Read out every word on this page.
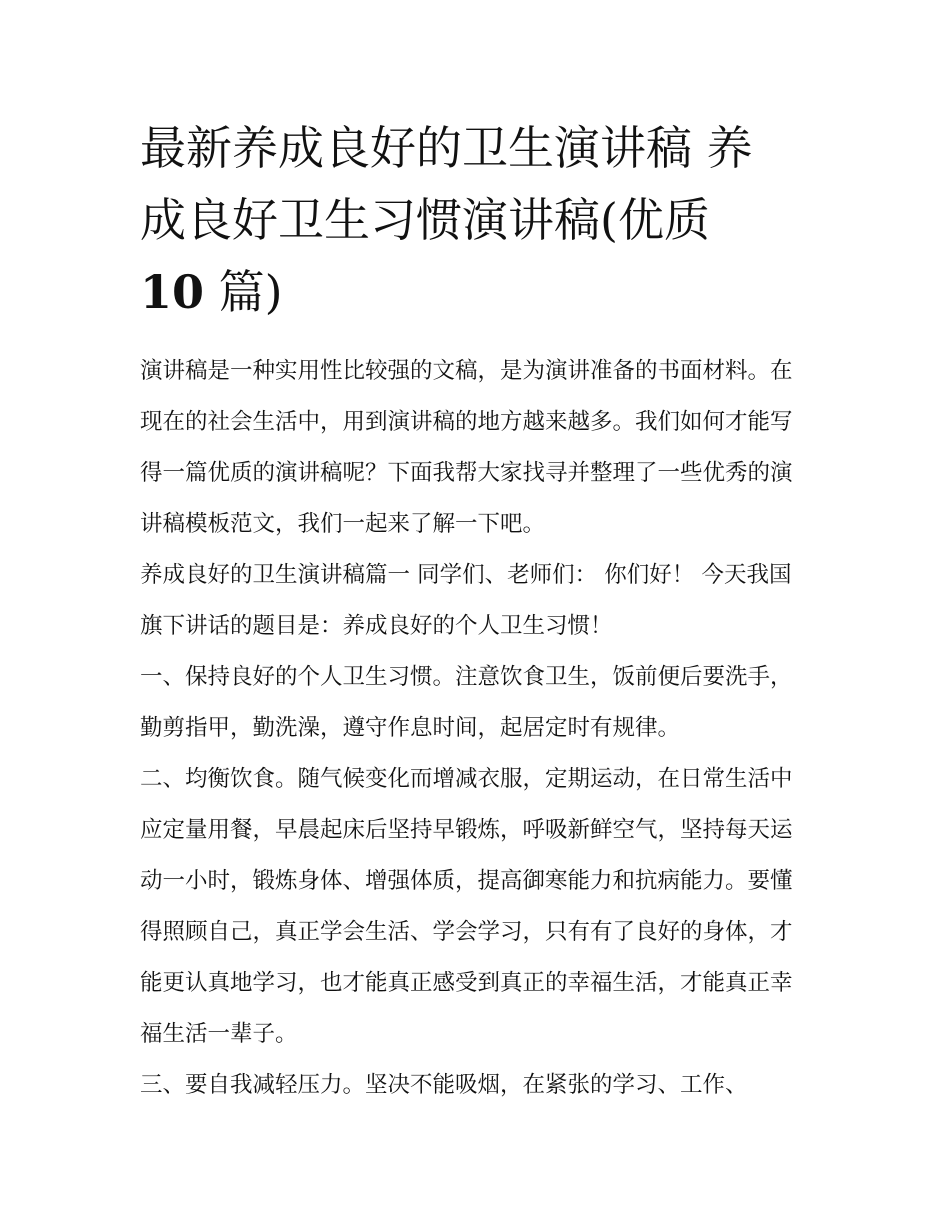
最新养成良好的卫生演讲稿 养
成良好卫生习惯演讲稿(优质
10 篇)

演讲稿是一种实用性比较强的文稿，是为演讲准备的书面材料。在现在的社会生活中，用到演讲稿的地方越来越多。我们如何才能写得一篇优质的演讲稿呢？下面我帮大家找寻并整理了一些优秀的演讲稿模板范文，我们一起来了解一下吧。

养成良好的卫生演讲稿篇一 同学们、老师们： 你们好！ 今天我国旗下讲话的题目是：养成良好的个人卫生习惯！

一、保持良好的个人卫生习惯。注意饮食卫生，饭前便后要洗手，勤剪指甲，勤洗澡，遵守作息时间，起居定时有规律。

二、均衡饮食。随气候变化而增减衣服，定期运动，在日常生活中应定量用餐，早晨起床后坚持早锻炼，呼吸新鲜空气，坚持每天运动一小时，锻炼身体、增强体质，提高御寒能力和抗病能力。要懂得照顾自己，真正学会生活、学会学习，只有有了良好的身体，才能更认真地学习，也才能真正感受到真正的幸福生活，才能真正幸福生活一辈子。

三、要自我减轻压力。坚决不能吸烟，在紧张的学习、工作、
